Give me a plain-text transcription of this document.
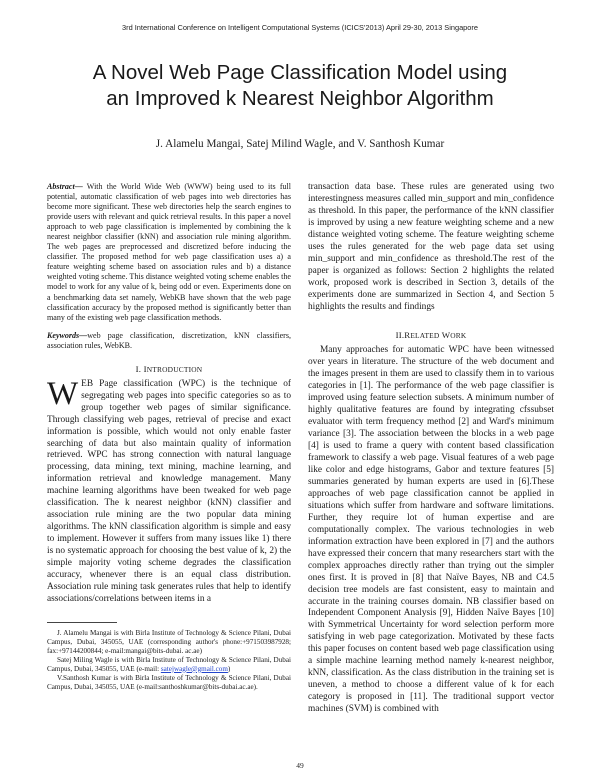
3rd International Conference on Intelligent Computational Systems (ICICS'2013) April 29-30, 2013 Singapore
A Novel Web Page Classification Model using
an Improved k Nearest Neighbor Algorithm
J. Alamelu Mangai, Satej Milind Wagle, and V. Santhosh Kumar

Abstract— With the World Wide Web (WWW) being used to its full potential, automatic classification of web pages into web directories has become more significant. These web directories help the search engines to provide users with relevant and quick retrieval results. In this paper a novel approach to web page classification is implemented by combining the k nearest neighbor classifier (kNN) and association rule mining algorithm. The web pages are preprocessed and discretized before inducing the classifier. The proposed method for web page classification uses a) a feature weighting scheme based on association rules and b) a distance weighted voting scheme. This distance weighted voting scheme enables the model to work for any value of k, being odd or even. Experiments done on a benchmarking data set namely, WebKB have shown that the web page classification accuracy by the proposed method is significantly better than many of the existing web page classification methods.

Keywords—web page classification, discretization, kNN classifiers, association rules, WebKB.

I. INTRODUCTION

WEB Page classification (WPC) is the technique of segregating web pages into specific categories so as to group together web pages of similar significance. Through classifying web pages, retrieval of precise and exact information is possible, which would not only enable faster searching of data but also maintain quality of information retrieved. WPC has strong connection with natural language processing, data mining, text mining, machine learning, and information retrieval and knowledge management. Many machine learning algorithms have been tweaked for web page classification. The k nearest neighbor (kNN) classifier and association rule mining are the two popular data mining algorithms. The kNN classification algorithm is simple and easy to implement. However it suffers from many issues like 1) there is no systematic approach for choosing the best value of k, 2) the simple majority voting scheme degrades the classification accuracy, whenever there is an equal class distribution. Association rule mining task generates rules that help to identify associations/correlations between items in a

J. Alamelu Mangai is with Birla Institute of Technology & Science Pilani, Dubai Campus, Dubai, 345055, UAE (corresponding author's phone:+971503987928; fax:+97144200844; e-mail:mangai@bits-dubai. ac.ae)

Satej Miling Wagle is with Birla Institute of Technology & Science Pilani, Dubai Campus, Dubai, 345055, UAE (e-mail: satejwagle@gmail.com)

V.Santhosh Kumar is with Birla Institute of Technology & Science Pilani, Dubai Campus, Dubai, 345055, UAE (e-mail:santhoshkumar@bits-dubai.ac.ae).

transaction data base. These rules are generated using two interestingness measures called min_support and min_confidence as threshold. In this paper, the performance of the kNN classifier is improved by using a new feature weighting scheme and a new distance weighted voting scheme. The feature weighting scheme uses the rules generated for the web page data set using min_support and min_confidence as threshold.The rest of the paper is organized as follows: Section 2 highlights the related work, proposed work is described in Section 3, details of the experiments done are summarized in Section 4, and Section 5 highlights the results and findings

II.RELATED WORK

Many approaches for automatic WPC have been witnessed over years in literature. The structure of the web document and the images present in them are used to classify them in to various categories in [1]. The performance of the web page classifier is improved using feature selection subsets. A minimum number of highly qualitative features are found by integrating cfssubset evaluator with term frequency method [2] and Ward's minimum variance [3]. The association between the blocks in a web page [4] is used to frame a query with content based classification framework to classify a web page. Visual features of a web page like color and edge histograms, Gabor and texture features [5] summaries generated by human experts are used in [6].These approaches of web page classification cannot be applied in situations which suffer from hardware and software limitations. Further, they require lot of human expertise and are computationally complex. The various technologies in web information extraction have been explored in [7] and the authors have expressed their concern that many researchers start with the complex approaches directly rather than trying out the simpler ones first. It is proved in [8] that Naïve Bayes, NB and C4.5 decision tree models are fast consistent, easy to maintain and accurate in the training courses domain. NB classifier based on Independent Component Analysis [9], Hidden Naïve Bayes [10] with Symmetrical Uncertainty for word selection perform more satisfying in web page categorization. Motivated by these facts this paper focuses on content based web page classification using a simple machine learning method namely k-nearest neighbor, kNN, classification. As the class distribution in the training set is uneven, a method to choose a different value of k for each category is proposed in [11]. The traditional support vector machines (SVM) is combined with

49
